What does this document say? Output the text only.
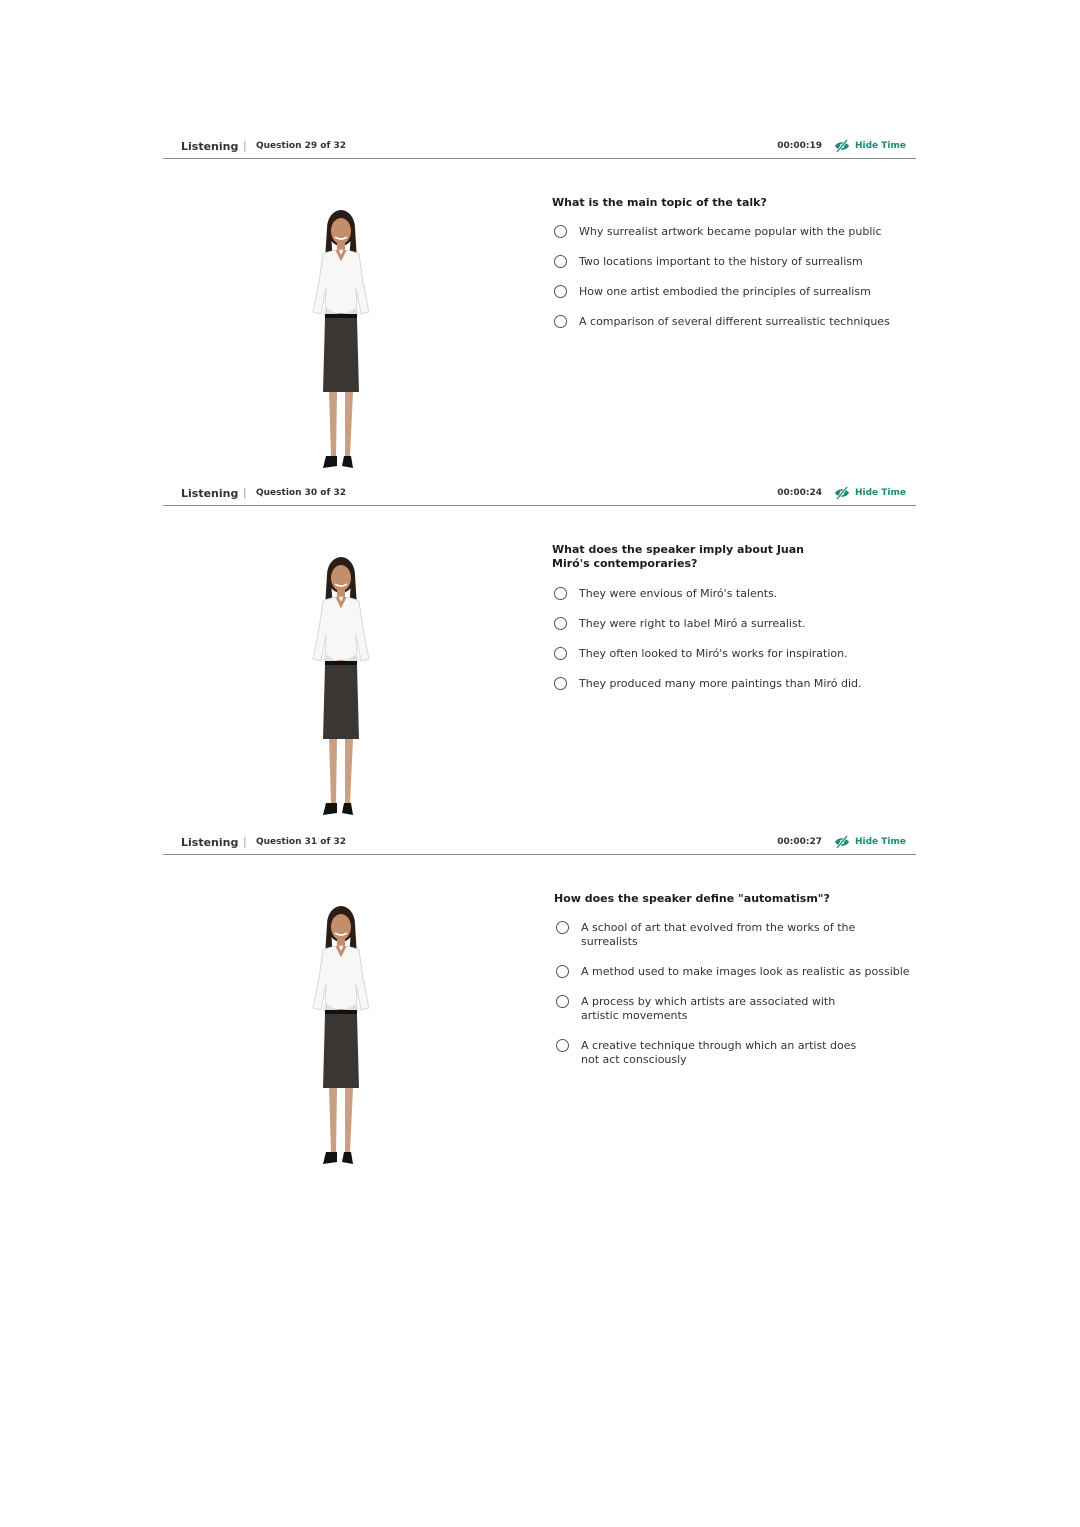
Listening | Question 29 of 32	00:00:19	Hide Time
What is the main topic of the talk?
Why surrealist artwork became popular with the public
Two locations important to the history of surrealism
How one artist embodied the principles of surrealism
A comparison of several different surrealistic techniques
Listening | Question 30 of 32	00:00:24	Hide Time
What does the speaker imply about Juan Miró's contemporaries?
They were envious of Miró's talents.
They were right to label Miró a surrealist.
They often looked to Miró's works for inspiration.
They produced many more paintings than Miró did.
Listening | Question 31 of 32	00:00:27	Hide Time
How does the speaker define "automatism"?
A school of art that evolved from the works of the surrealists
A method used to make images look as realistic as possible
A process by which artists are associated with artistic movements
A creative technique through which an artist does not act consciously
